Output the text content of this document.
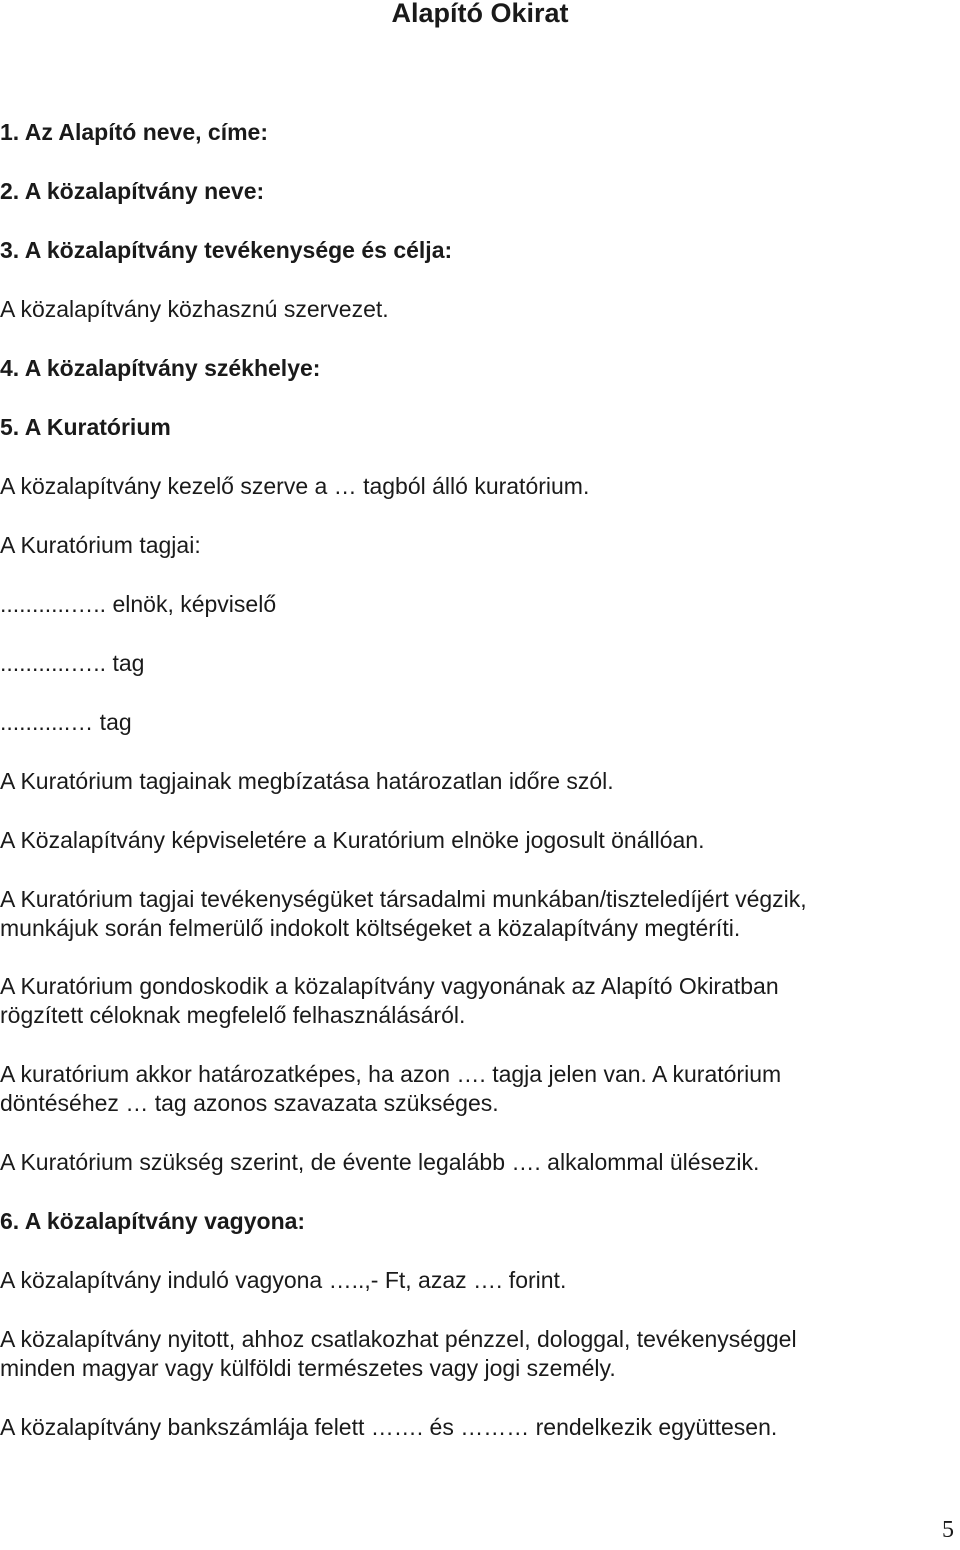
Alapító Okirat
1. Az Alapító neve, címe:
2. A közalapítvány neve:
3. A közalapítvány tevékenysége és célja:
A közalapítvány közhasznú szervezet.
4. A közalapítvány székhelye:
5. A Kuratórium
A közalapítvány kezelő szerve a … tagból álló kuratórium.
A Kuratórium tagjai:
...........….. elnök, képviselő
...........….. tag
...........… tag
A Kuratórium tagjainak megbízatása határozatlan időre szól.
A Közalapítvány képviseletére a Kuratórium elnöke jogosult önállóan.
A Kuratórium tagjai tevékenységüket társadalmi munkában/tiszteledíjért végzik,
munkájuk során felmerülő indokolt költségeket a közalapítvány megtéríti.
A Kuratórium gondoskodik a közalapítvány vagyonának az Alapító Okiratban
rögzített céloknak megfelelő felhasználásáról.
A kuratórium akkor határozatképes, ha azon …. tagja jelen van. A kuratórium
döntéséhez … tag azonos szavazata szükséges.
A Kuratórium szükség szerint, de évente legalább …. alkalommal ülésezik.
6. A közalapítvány vagyona:
A közalapítvány induló vagyona …..,- Ft, azaz …. forint.
A közalapítvány nyitott, ahhoz csatlakozhat pénzzel, dologgal, tevékenységgel
minden magyar vagy külföldi természetes vagy jogi személy.
A közalapítvány bankszámlája felett ……. és ……… rendelkezik együttesen.
5
